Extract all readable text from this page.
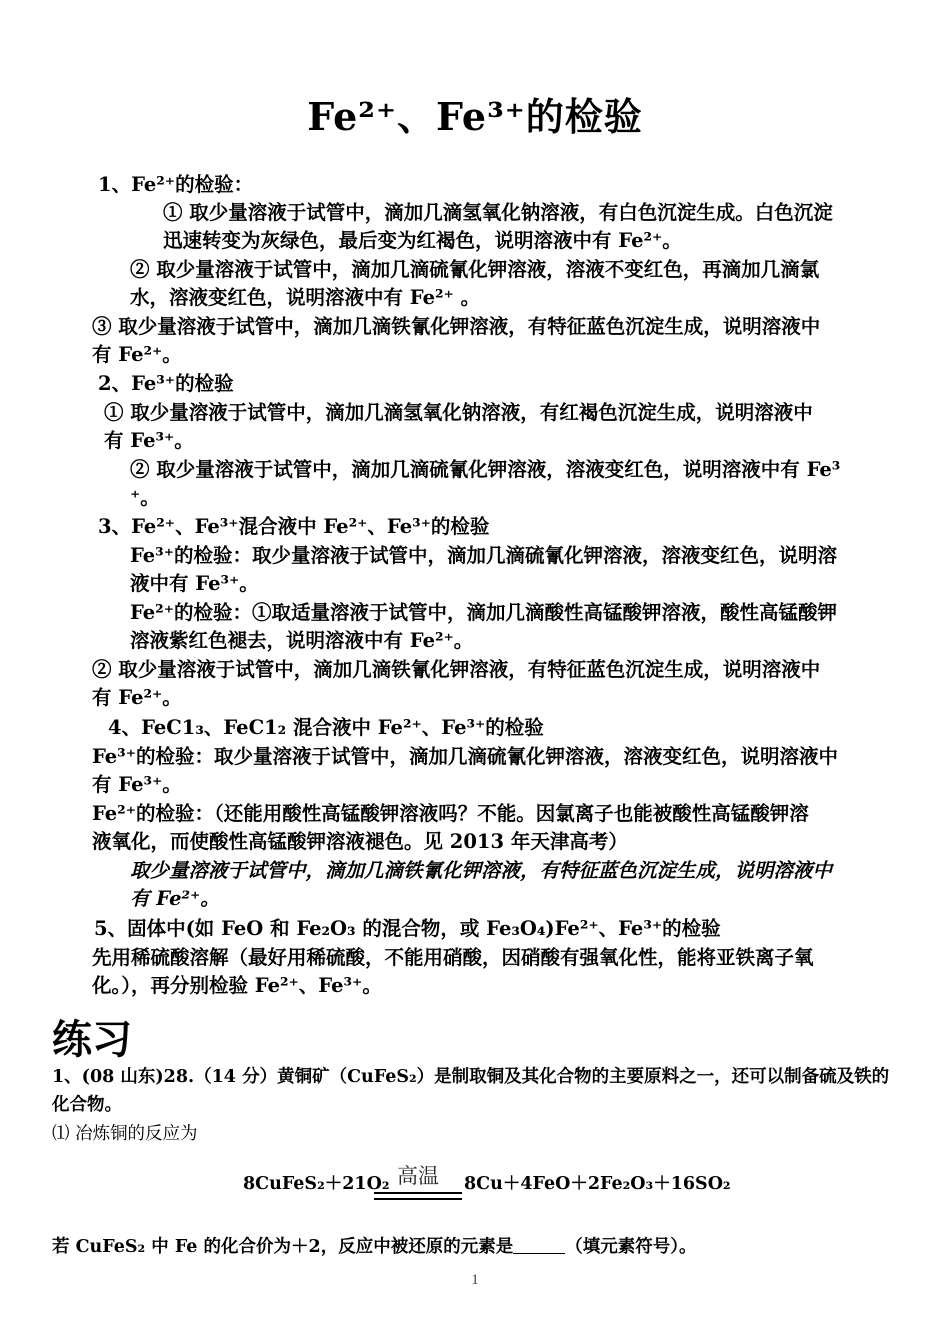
Fe²⁺、Fe³⁺的检验
1、Fe²⁺的检验：
① 取少量溶液于试管中，滴加几滴氢氧化钠溶液，有白色沉淀生成。白色沉淀
迅速转变为灰绿色，最后变为红褐色，说明溶液中有 Fe²⁺。
② 取少量溶液于试管中，滴加几滴硫氰化钾溶液，溶液不变红色，再滴加几滴氯
水，溶液变红色，说明溶液中有 Fe²⁺ 。
③ 取少量溶液于试管中，滴加几滴铁氰化钾溶液，有特征蓝色沉淀生成，说明溶液中
有 Fe²⁺。
2、Fe³⁺的检验
① 取少量溶液于试管中，滴加几滴氢氧化钠溶液，有红褐色沉淀生成，说明溶液中
有 Fe³⁺。
② 取少量溶液于试管中，滴加几滴硫氰化钾溶液，溶液变红色，说明溶液中有 Fe³
⁺。
3、Fe²⁺、Fe³⁺混合液中 Fe²⁺、Fe³⁺的检验
Fe³⁺的检验：取少量溶液于试管中，滴加几滴硫氰化钾溶液，溶液变红色，说明溶
液中有 Fe³⁺。
Fe²⁺的检验：①取适量溶液于试管中，滴加几滴酸性高锰酸钾溶液，酸性高锰酸钾
溶液紫红色褪去，说明溶液中有 Fe²⁺。
② 取少量溶液于试管中，滴加几滴铁氰化钾溶液，有特征蓝色沉淀生成，说明溶液中
有 Fe²⁺。
4、FeC1₃、FeC1₂ 混合液中 Fe²⁺、Fe³⁺的检验
Fe³⁺的检验：取少量溶液于试管中，滴加几滴硫氰化钾溶液，溶液变红色，说明溶液中
有 Fe³⁺。
Fe²⁺的检验：（还能用酸性高锰酸钾溶液吗？不能。因氯离子也能被酸性高锰酸钾溶
液氧化，而使酸性高锰酸钾溶液褪色。见 2013 年天津高考）
取少量溶液于试管中，滴加几滴铁氰化钾溶液，有特征蓝色沉淀生成，说明溶液中
有 Fe²⁺。
5、固体中(如 FeO 和 Fe₂O₃ 的混合物，或 Fe₃O₄)Fe²⁺、Fe³⁺的检验
先用稀硫酸溶解（最好用稀硫酸，不能用硝酸，因硝酸有强氧化性，能将亚铁离子氧
化。），再分别检验 Fe²⁺、Fe³⁺。
练习
1、(08 山东)28.（14 分）黄铜矿（CuFeS₂）是制取铜及其化合物的主要原料之一，还可以制备硫及铁的
化合物。
⑴ 冶炼铜的反应为
8CuFeS₂＋21O₂ 高温	8Cu＋4FeO＋2Fe₂O₃＋16SO₂
若 CuFeS₂ 中 Fe 的化合价为＋2，反应中被还原的元素是	（填元素符号）。
1
